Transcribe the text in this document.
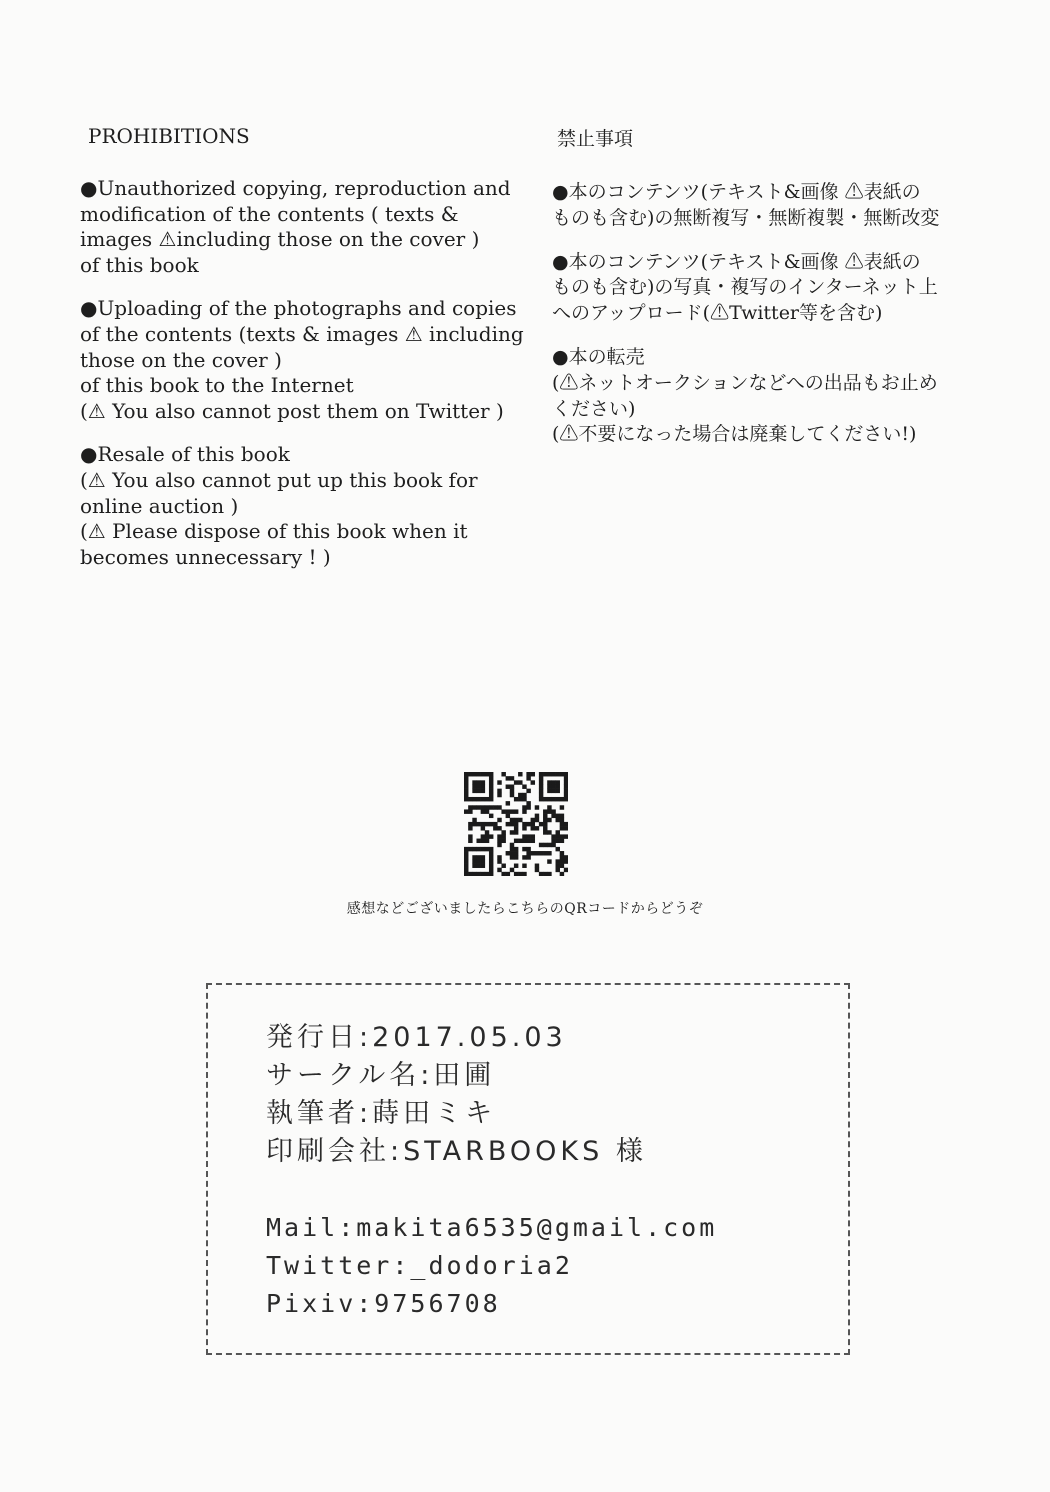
PROHIBITIONS
●Unauthorized copying, reproduction and
modification of the contents ( texts &
images ⚠including those on the cover )
of this book
●Uploading of the photographs and copies
of the contents (texts & images ⚠ including
those on the cover )
of this book to the Internet
(⚠ You also cannot post them on Twitter )
●Resale of this book
(⚠ You also cannot put up this book for
online auction )
(⚠ Please dispose of this book when it
becomes unnecessary ! )
禁止事項
●本のコンテンツ(テキスト&画像 ⚠表紙の
ものも含む)の無断複写・無断複製・無断改変
●本のコンテンツ(テキスト&画像 ⚠表紙の
ものも含む)の写真・複写のインターネット上
へのアップロード(⚠Twitter等を含む)
●本の転売
(⚠ネットオークションなどへの出品もお止め
ください)
(⚠不要になった場合は廃棄してください!)
感想などございましたらこちらのQRコードからどうぞ
発行日:2017.05.03
サークル名:田圃
執筆者:蒔田ミキ
印刷会社:STARBOOKS 様
Mail:makita6535@gmail.com
Twitter:_dodoria2
Pixiv:9756708
